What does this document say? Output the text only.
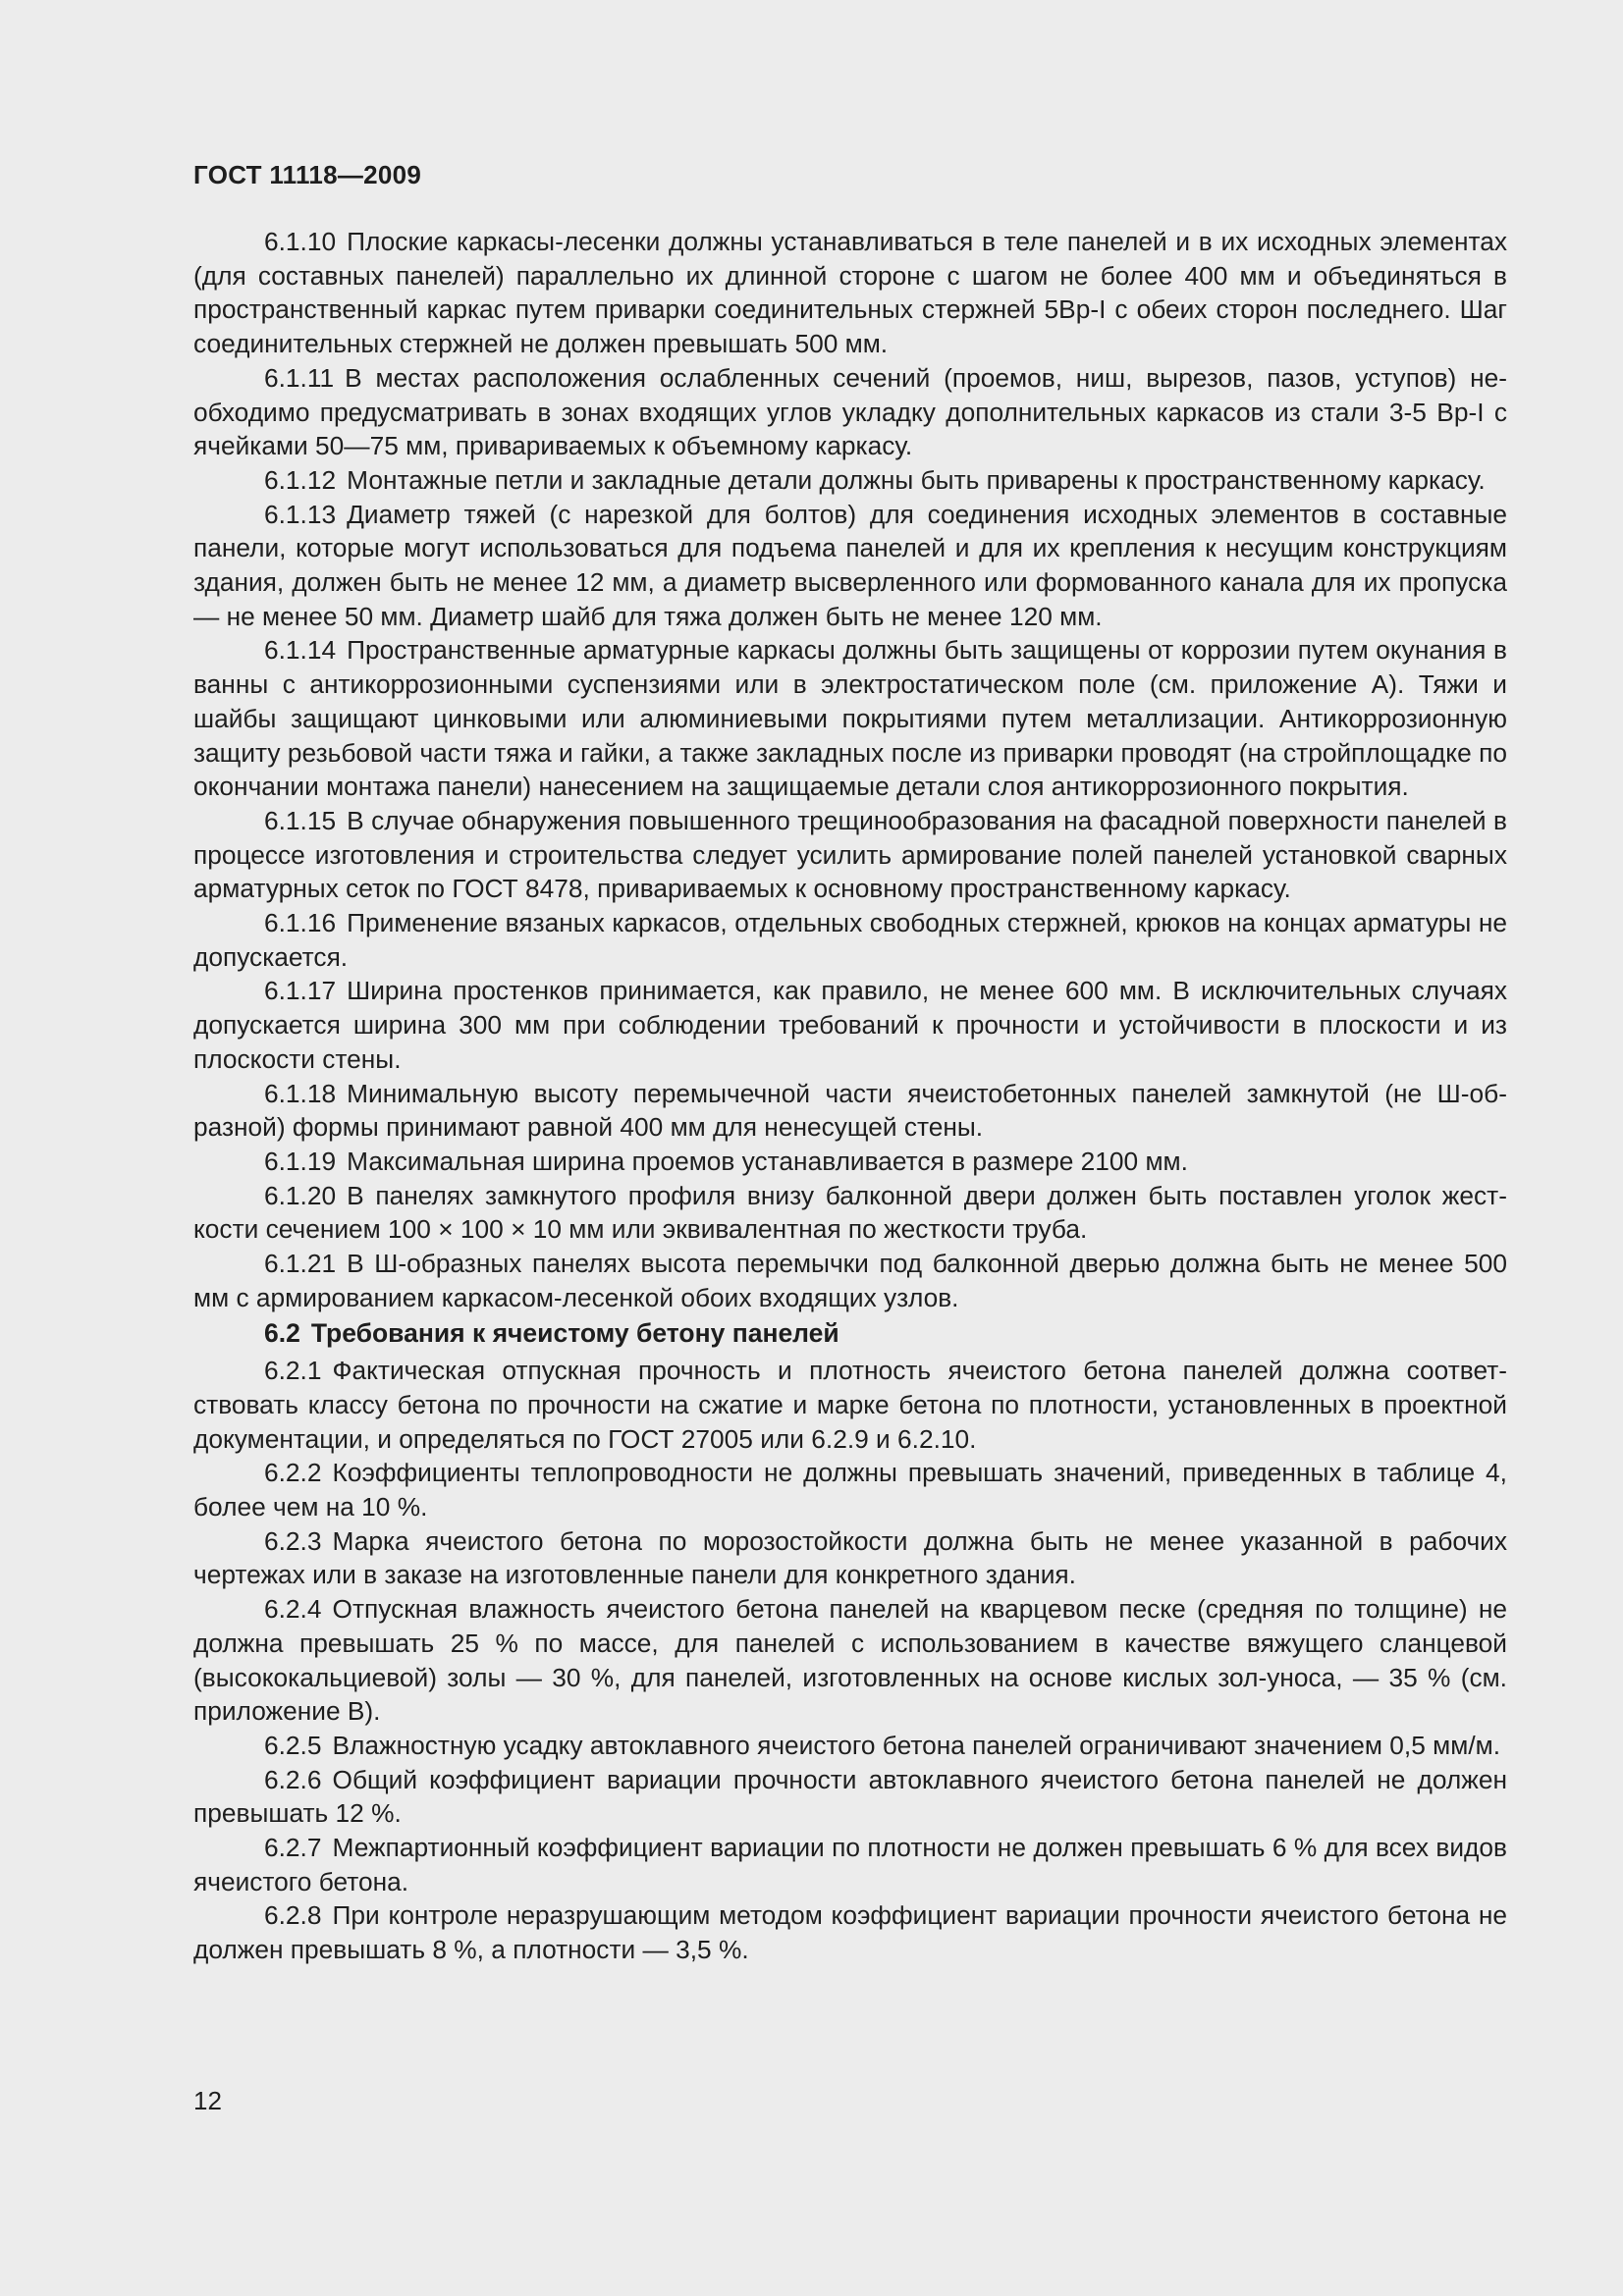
ГОСТ 11118—2009
6.1.10 Плоские каркасы-лесенки должны устанавливаться в теле панелей и в их исходных элементах (для составных панелей) параллельно их длинной стороне с шагом не более 400 мм и объединяться в пространственный каркас путем приварки соединительных стержней 5Вр-I с обеих сторон последнего. Шаг соединительных стержней не должен превышать 500 мм.
6.1.11 В местах расположения ослабленных сечений (проемов, ниш, вырезов, пазов, уступов) необходимо предусматривать в зонах входящих углов укладку дополнительных каркасов из стали 3-5 Вр-I с ячейками 50—75 мм, привариваемых к объемному каркасу.
6.1.12 Монтажные петли и закладные детали должны быть приварены к пространственному каркасу.
6.1.13 Диаметр тяжей (с нарезкой для болтов) для соединения исходных элементов в составные панели, которые могут использоваться для подъема панелей и для их крепления к несущим конструкциям здания, должен быть не менее 12 мм, а диаметр высверленного или формованного канала для их пропуска — не менее 50 мм. Диаметр шайб для тяжа должен быть не менее 120 мм.
6.1.14 Пространственные арматурные каркасы должны быть защищены от коррозии путем окунания в ванны с антикоррозионными суспензиями или в электростатическом поле (см. приложение А). Тяжи и шайбы защищают цинковыми или алюминиевыми покрытиями путем металлизации. Антикоррозионную защиту резьбовой части тяжа и гайки, а также закладных после из приварки проводят (на стройплощадке по окончании монтажа панели) нанесением на защищаемые детали слоя антикоррозионного покрытия.
6.1.15 В случае обнаружения повышенного трещинообразования на фасадной поверхности панелей в процессе изготовления и строительства следует усилить армирование полей панелей установкой сварных арматурных сеток по ГОСТ 8478, привариваемых к основному пространственному каркасу.
6.1.16 Применение вязаных каркасов, отдельных свободных стержней, крюков на концах арматуры не допускается.
6.1.17 Ширина простенков принимается, как правило, не менее 600 мм. В исключительных случаях допускается ширина 300 мм при соблюдении требований к прочности и устойчивости в плоскости и из плоскости стены.
6.1.18 Минимальную высоту перемычечной части ячеистобетонных панелей замкнутой (не Ш-образной) формы принимают равной 400 мм для ненесущей стены.
6.1.19 Максимальная ширина проемов устанавливается в размере 2100 мм.
6.1.20 В панелях замкнутого профиля внизу балконной двери должен быть поставлен уголок жесткости сечением 100 × 100 × 10 мм или эквивалентная по жесткости труба.
6.1.21 В Ш-образных панелях высота перемычки под балконной дверью должна быть не менее 500 мм с армированием каркасом-лесенкой обоих входящих узлов.
6.2 Требования к ячеистому бетону панелей
6.2.1 Фактическая отпускная прочность и плотность ячеистого бетона панелей должна соответствовать классу бетона по прочности на сжатие и марке бетона по плотности, установленных в проектной документации, и определяться по ГОСТ 27005 или 6.2.9 и 6.2.10.
6.2.2 Коэффициенты теплопроводности не должны превышать значений, приведенных в таблице 4, более чем на 10 %.
6.2.3 Марка ячеистого бетона по морозостойкости должна быть не менее указанной в рабочих чертежах или в заказе на изготовленные панели для конкретного здания.
6.2.4 Отпускная влажность ячеистого бетона панелей на кварцевом песке (средняя по толщине) не должна превышать 25 % по массе, для панелей с использованием в качестве вяжущего сланцевой (высококальциевой) золы — 30 %, для панелей, изготовленных на основе кислых зол-уноса, — 35 % (см. приложение В).
6.2.5 Влажностную усадку автоклавного ячеистого бетона панелей ограничивают значением 0,5 мм/м.
6.2.6 Общий коэффициент вариации прочности автоклавного ячеистого бетона панелей не должен превышать 12 %.
6.2.7 Межпартионный коэффициент вариации по плотности не должен превышать 6 % для всех видов ячеистого бетона.
6.2.8 При контроле неразрушающим методом коэффициент вариации прочности ячеистого бетона не должен превышать 8 %, а плотности — 3,5 %.
12
